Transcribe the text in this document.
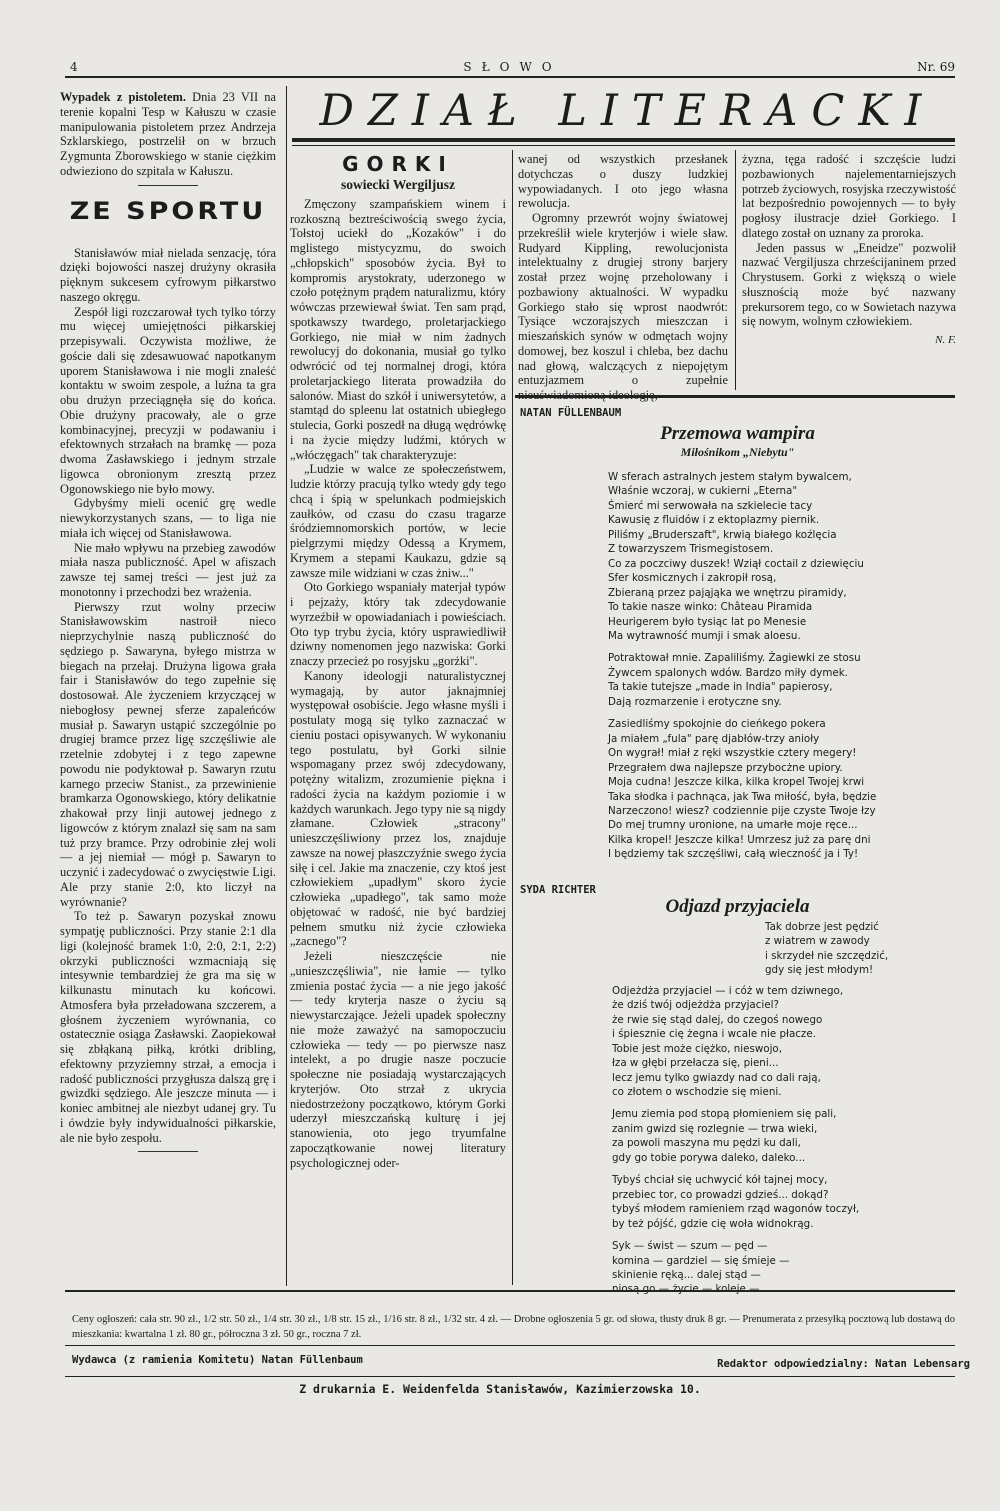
4	SŁOWO	Nr. 69

Wypadek z pistoletem. Dnia 23 VII na terenie kopalni Tesp w Kałuszu w czasie manipulowania pistoletem przez Andrzeja Szklarskiego, postrzelił on w brzuch Zygmunta Zborowskiego w stanie ciężkim odwieziono do szpitala w Kałuszu.

ZE SPORTU

Stanisławów miał nielada senzację, tóra dzięki bojowości naszej drużyny okrasiła pięknym sukcesem cyfrowym piłkarstwo naszego okręgu.

Zespół ligi rozczarował tych tylko tórzy mu więcej umiejętności piłkarskiej przepisywali. Oczywista możliwe, że goście dali się zdesawuować napotkanym uporem Stanisławowa i nie mogli znaleść kontaktu w swoim zespole, a luźna ta gra obu drużyn przeciągnęła się do końca. Obie drużyny pracowały, ale o grze kombinacyjnej, precyzji w podawaniu i efektownych strzałach na bramkę — poza dwoma Zasławskiego i jednym strzale ligowca obronionym zresztą przez Ogonowskiego nie było mowy.

Gdybyśmy mieli ocenić grę wedle niewykorzystanych szans, — to liga nie miała ich więcej od Stanisławowa.

Nie mało wpływu na przebieg zawodów miała nasza publiczność. Apel w afiszach zawsze tej samej treści — jest już za monotonny i przechodzi bez wrażenia.

Pierwszy rzut wolny przeciw Stanisławowskim nastroił nieco nieprzychylnie naszą publiczność do sędziego p. Sawaryna, byłego mistrza w biegach na przełaj. Drużyna ligowa grała fair i Stanisławów do tego zupełnie się dostosował. Ale życzeniem krzyczącej w niebogłosy pewnej sferze zapaleńców musiał p. Sawaryn ustąpić szczególnie po drugiej bramce przez ligę szczęśliwie ale rzetelnie zdobytej i z tego zapewne powodu nie podyktował p. Sawaryn rzutu karnego przeciw Stanist., za przewinienie bramkarza Ogonowskiego, który delikatnie zhakował przy linji autowej jednego z ligowców z którym znalazł się sam na sam tuż przy bramce. Przy odrobinie złej woli — a jej niemiał — mógł p. Sawaryn to uczynić i zadecydować o zwycięstwie Ligi. Ale przy stanie 2:0, kto liczył na wyrównanie?

To też p. Sawaryn pozyskał znowu sympatję publiczności. Przy stanie 2:1 dla ligi (kolejność bramek 1:0, 2:0, 2:1, 2:2) okrzyki publiczności wzmacniają się intesywnie tembardziej że gra ma się w kilkunastu minutach ku końcowi. Atmosfera była przeładowana szczerem, a głośnem życzeniem wyrównania, co ostatecznie osiąga Zasławski. Zaopiekował się zbłąkaną piłką, krótki dribling, efektowny przyziemny strzał, a emocja i radość publiczności przygłusza dalszą grę i gwizdki sędziego. Ale jeszcze minuta — i koniec ambitnej ale niezbyt udanej gry. Tu i ówdzie były indywidualności piłkarskie, ale nie było zespołu.

DZIAŁ LITERACKI
GORKI
sowiecki Wergiljusz

Zmęczony szampańskiem winem i rozkoszną beztreściwością swego życia, Tołstoj uciekł do „Kozaków" i do mglistego mistycyzmu, do swoich „chłopskich" sposobów życia. Był to kompromis arystokraty, uderzonego w czoło potężnym prądem naturalizmu, który wówczas przewiewał świat. Ten sam prąd, spotkawszy twardego, proletarjackiego Gorkiego, nie miał w nim żadnych rewolucyj do dokonania, musiał go tylko odwrócić od tej normalnej drogi, która proletarjackiego literata prowadziła do salonów. Miast do szkół i uniwersytetów, a stamtąd do spleenu lat ostatnich ubiegłego stulecia, Gorki poszedł na długą wędrówkę i na życie między ludźmi, których w „włóczęgach" tak charakteryzuje:

„Ludzie w walce ze społeczeństwem, ludzie którzy pracują tylko wtedy gdy tego chcą i śpią w spelunkach podmiejskich zaułków, od czasu do czasu tragarze śródziemnomorskich portów, w lecie pielgrzymi między Odessą a Krymem, Krymem a stepami Kaukazu, gdzie są zawsze mile widziani w czas żniw..."

Oto Gorkiego wspaniały materjał typów i pejzaży, który tak zdecydowanie wyrzeźbił w opowiadaniach i powieściach. Oto typ trybu życia, który usprawiedliwił dziwny nomenomen jego nazwiska: Gorki znaczy przecież po rosyjsku „gorżki".

Kanony ideologji naturalistycznej wymagają, by autor jaknajmniej występował osobiście. Jego własne myśli i postulaty mogą się tylko zaznaczać w cieniu postaci opisywanych. W wykonaniu tego postulatu, był Gorki silnie wspomagany przez swój zdecydowany, potężny witalizm, zrozumienie piękna i radości życia na każdym poziomie i w każdych warunkach. Jego typy nie są nigdy złamane. Człowiek „stracony" unieszczęśliwiony przez los, znajduje zawsze na nowej płaszczyźnie swego życia siłę i cel. Jakie ma znaczenie, czy ktoś jest człowiekiem „upadłym" skoro życie człowieka „upadłego", tak samo może objętować w radość, nie być bardziej pełnem smutku niż życie człowieka „zacnego"?

Jeżeli nieszczęście nie „unieszczęśliwia", nie łamie — tylko zmienia postać życia — a nie jego jakość — tedy kryterja nasze o życiu są niewystarczające. Jeżeli upadek społeczny nie może zaważyć na samopoczuciu człowieka — tedy — po pierwsze nasz intelekt, a po drugie nasze poczucie społeczne nie posiadają wystarczających kryterjów. Oto strzał z ukrycia niedostrzeżony początkowo, którym Gorki uderzył mieszczańską kulturę i jej stanowienia, oto jego tryumfalne zapoczątkowanie nowej literatury psychologicznej oder-

wanej od wszystkich przesłanek dotychczas o duszy ludzkiej wypowiadanych. I oto jego własna rewolucja.

Ogromny przewrót wojny światowej przekreślił wiele kryterjów i wiele sław. Rudyard Kippling, rewolucjonista intelektualny z drugiej strony barjery został przez wojnę przeholowany i pozbawiony aktualności. W wypadku Gorkiego stało się wprost naodwrót: Tysiące wczorajszych mieszczan i mieszańskich synów w odmętach wojny domowej, bez koszul i chleba, bez dachu nad głową, walczących z niepojętym entuzjazmem o zupełnie

żyzna, tęga radość i szczęście ludzi pozbawionych najelementarniejszych potrzeb życiowych, rosyjska rzeczywistość lat bezpośrednio powojennych — to były pogłosy ilustracje dzieł Gorkiego. I dlatego został on uznany za proroka.

Jeden passus w „Eneidze" pozwolił nazwać Vergiljusza chrześcijaninem przed Chrystusem. Gorki z większą o wiele słusznością może być nazwany prekursorem tego, co w Sowietach nazywa się nowym, wolnym człowiekiem.

N. F.

NATAN FÜLLENBAUM
Przemowa wampira
Miłośnikom „Niebytu"
W sferach astralnych jestem stałym bywalcem,
Właśnie wczoraj, w cukierni „Eterna"
Śmierć mi serwowała na szkielecie tacy
Kawusię z fluidów i z ektoplazmy piernik.
Piliśmy „Bruderszaft", krwią białego koźlęcia
Z towarzyszem Trismegistosem.
Co za poczciwy duszek! Wziął coctail z dziewięciu
Sfer kosmicznych i zakropił rosą,
Zbieraną przez pająjąka we wnętrzu piramidy,
To takie nasze winko: Château Piramida
Heurigerem było tysiąc lat po Menesie
Ma wytrawność mumji i smak aloesu.
Potraktował mnie. Zapaliliśmy. Żagiewki ze stosu
Żywcem spalonych wdów. Bardzo miły dymek.
Ta takie tutejsze „made in India" papierosy,
Dają rozmarzenie i erotyczne sny.
Zasiedliśmy spokojnie do cieńkego pokera
Ja miałem „fula" parę djabłów-trzy anioły
On wygrał! miał z ręki wszystkie cztery megery!
Przegrałem dwa najlepsze przybocżne upiory.
Moja cudna! Jeszcze kilka, kilka kropel Twojej krwi
Taka słodka i pachnąca, jak Twa miłość, była, będzie
Narzeczono! wiesz? codziennie pije czyste Twoje łzy
Do mej trumny uronione, na umarłe moje ręce...
Kilka kropel! Jeszcze kilka! Umrzesz już za parę dni
I będziemy tak szczęśliwi, całą wieczność ja i Ty!
SYDA RICHTER
Odjazd przyjaciela
Tak dobrze jest pędzić
z wiatrem w zawody
i skrzydeł nie szczędzić,
gdy się jest młodym!
Odjeżdża przyjaciel — i cóż w tem dziwnego,
że dziś twój odjeżdża przyjaciel?
że rwie się stąd dalej, do czegoś nowego
i śpiesznie cię żegna i wcale nie płacze.
Tobie jest może ciężko, nieswojo,
łza w głębi przełacza się, pieni...
lecz jemu tylko gwiazdy nad co dali rają,
co złotem o wschodzie się mieni.
Jemu ziemia pod stopą płomieniem się pali,
zanim gwizd się rozlegnie — trwa wieki,
za powoli maszyna mu pędzi ku dali,
gdy go tobie porywa daleko, daleko...
Tybyś chciał się uchwycić kół tajnej mocy,
przebiec tor, co prowadzi gdzieś... dokąd?
tybyś młodem ramieniem rząd wagonów toczył,
by też pójść, gdzie cię woła widnokrąg.
Syk — świst — szum — pęd —
komina — gardziel — się śmieje —
skinienie ręką... dalej stąd —
Ceny ogłoszeń: cała str. 90 zł., 1/2 str. 50 zł., 1/4 str. 30 zł., 1/8 str. 15 zł., 1/16 str. 8 zł., 1/32 str. 4 zł. — Drobne ogłoszenia 5 gr. od słowa, tłusty druk 8 gr. — Prenumerata z przesyłką pocztową lub dostawą do mieszkania: kwartalna 1 zł. 80 gr., półroczna 3 zł. 50 gr., roczna 7 zł.
Wydawca (z ramienia Komitetu) Natan Füllenbaum	Redaktor odpowiedzialny: Natan Lebensarg
Z drukarnia E. Weidenfelda Stanisławów, Kazimierzowska 10.
